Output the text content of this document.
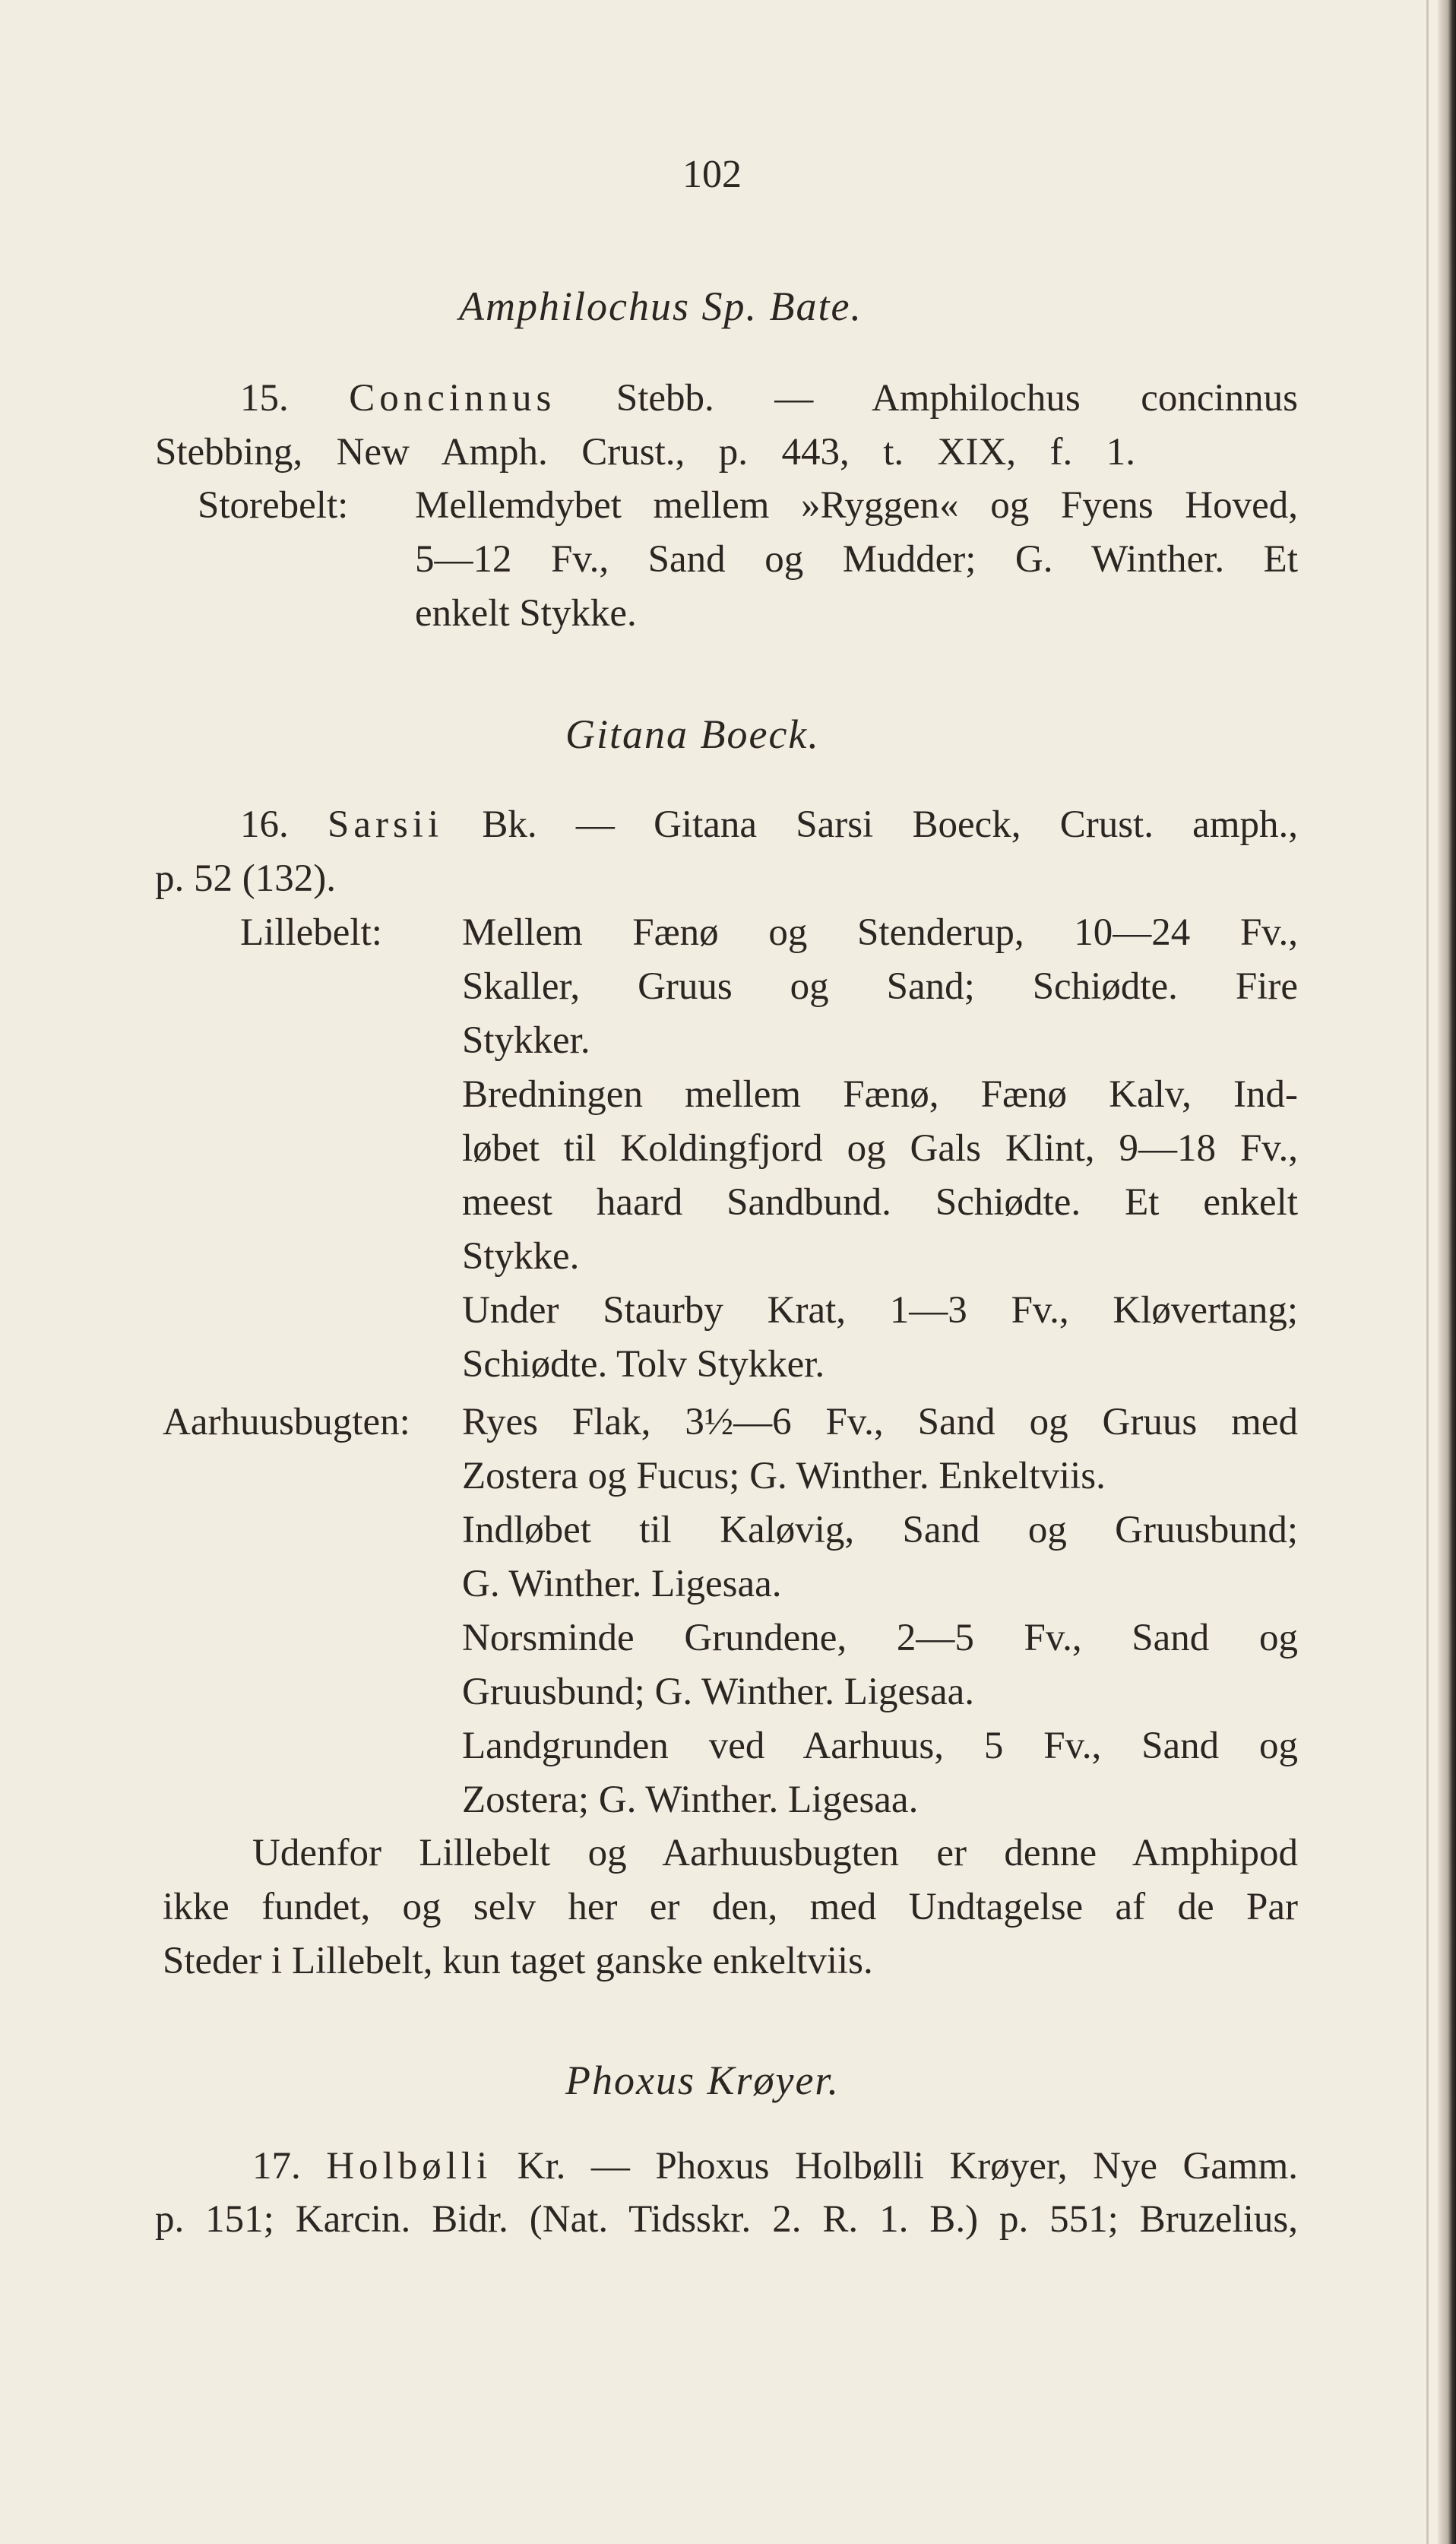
102
Amphilochus Sp. Bate.
15. Concinnus Stebb. — Amphilochus concinnus
Stebbing, New Amph. Crust., p. 443, t. XIX, f. 1.
Storebelt: Mellemdybet mellem »Ryggen« og Fyens Hoved,
5—12 Fv., Sand og Mudder; G. Winther. Et
enkelt Stykke.
Gitana Boeck.
16. Sarsii Bk. — Gitana Sarsi Boeck, Crust. amph.,
p. 52 (132).
Lillebelt: Mellem Fænø og Stenderup, 10—24 Fv.,
Skaller, Gruus og Sand; Schiødte. Fire
Stykker.
Bredningen mellem Fænø, Fænø Kalv, Ind-
løbet til Koldingfjord og Gals Klint, 9—18 Fv.,
meest haard Sandbund. Schiødte. Et enkelt
Stykke.
Under Staurby Krat, 1—3 Fv., Kløvertang;
Schiødte. Tolv Stykker.
Aarhuusbugten: Ryes Flak, 3½—6 Fv., Sand og Gruus med
Zostera og Fucus; G. Winther. Enkeltviis.
Indløbet til Kaløvig, Sand og Gruusbund;
G. Winther. Ligesaa.
Norsminde Grundene, 2—5 Fv., Sand og
Gruusbund; G. Winther. Ligesaa.
Landgrunden ved Aarhuus, 5 Fv., Sand og
Zostera; G. Winther. Ligesaa.
Udenfor Lillebelt og Aarhuusbugten er denne Amphipod
ikke fundet, og selv her er den, med Undtagelse af de Par
Steder i Lillebelt, kun taget ganske enkeltviis.
Phoxus Krøyer.
17. Holbølli Kr. — Phoxus Holbølli Krøyer, Nye Gamm.
p. 151; Karcin. Bidr. (Nat. Tidsskr. 2. R. 1. B.) p. 551; Bruzelius,
